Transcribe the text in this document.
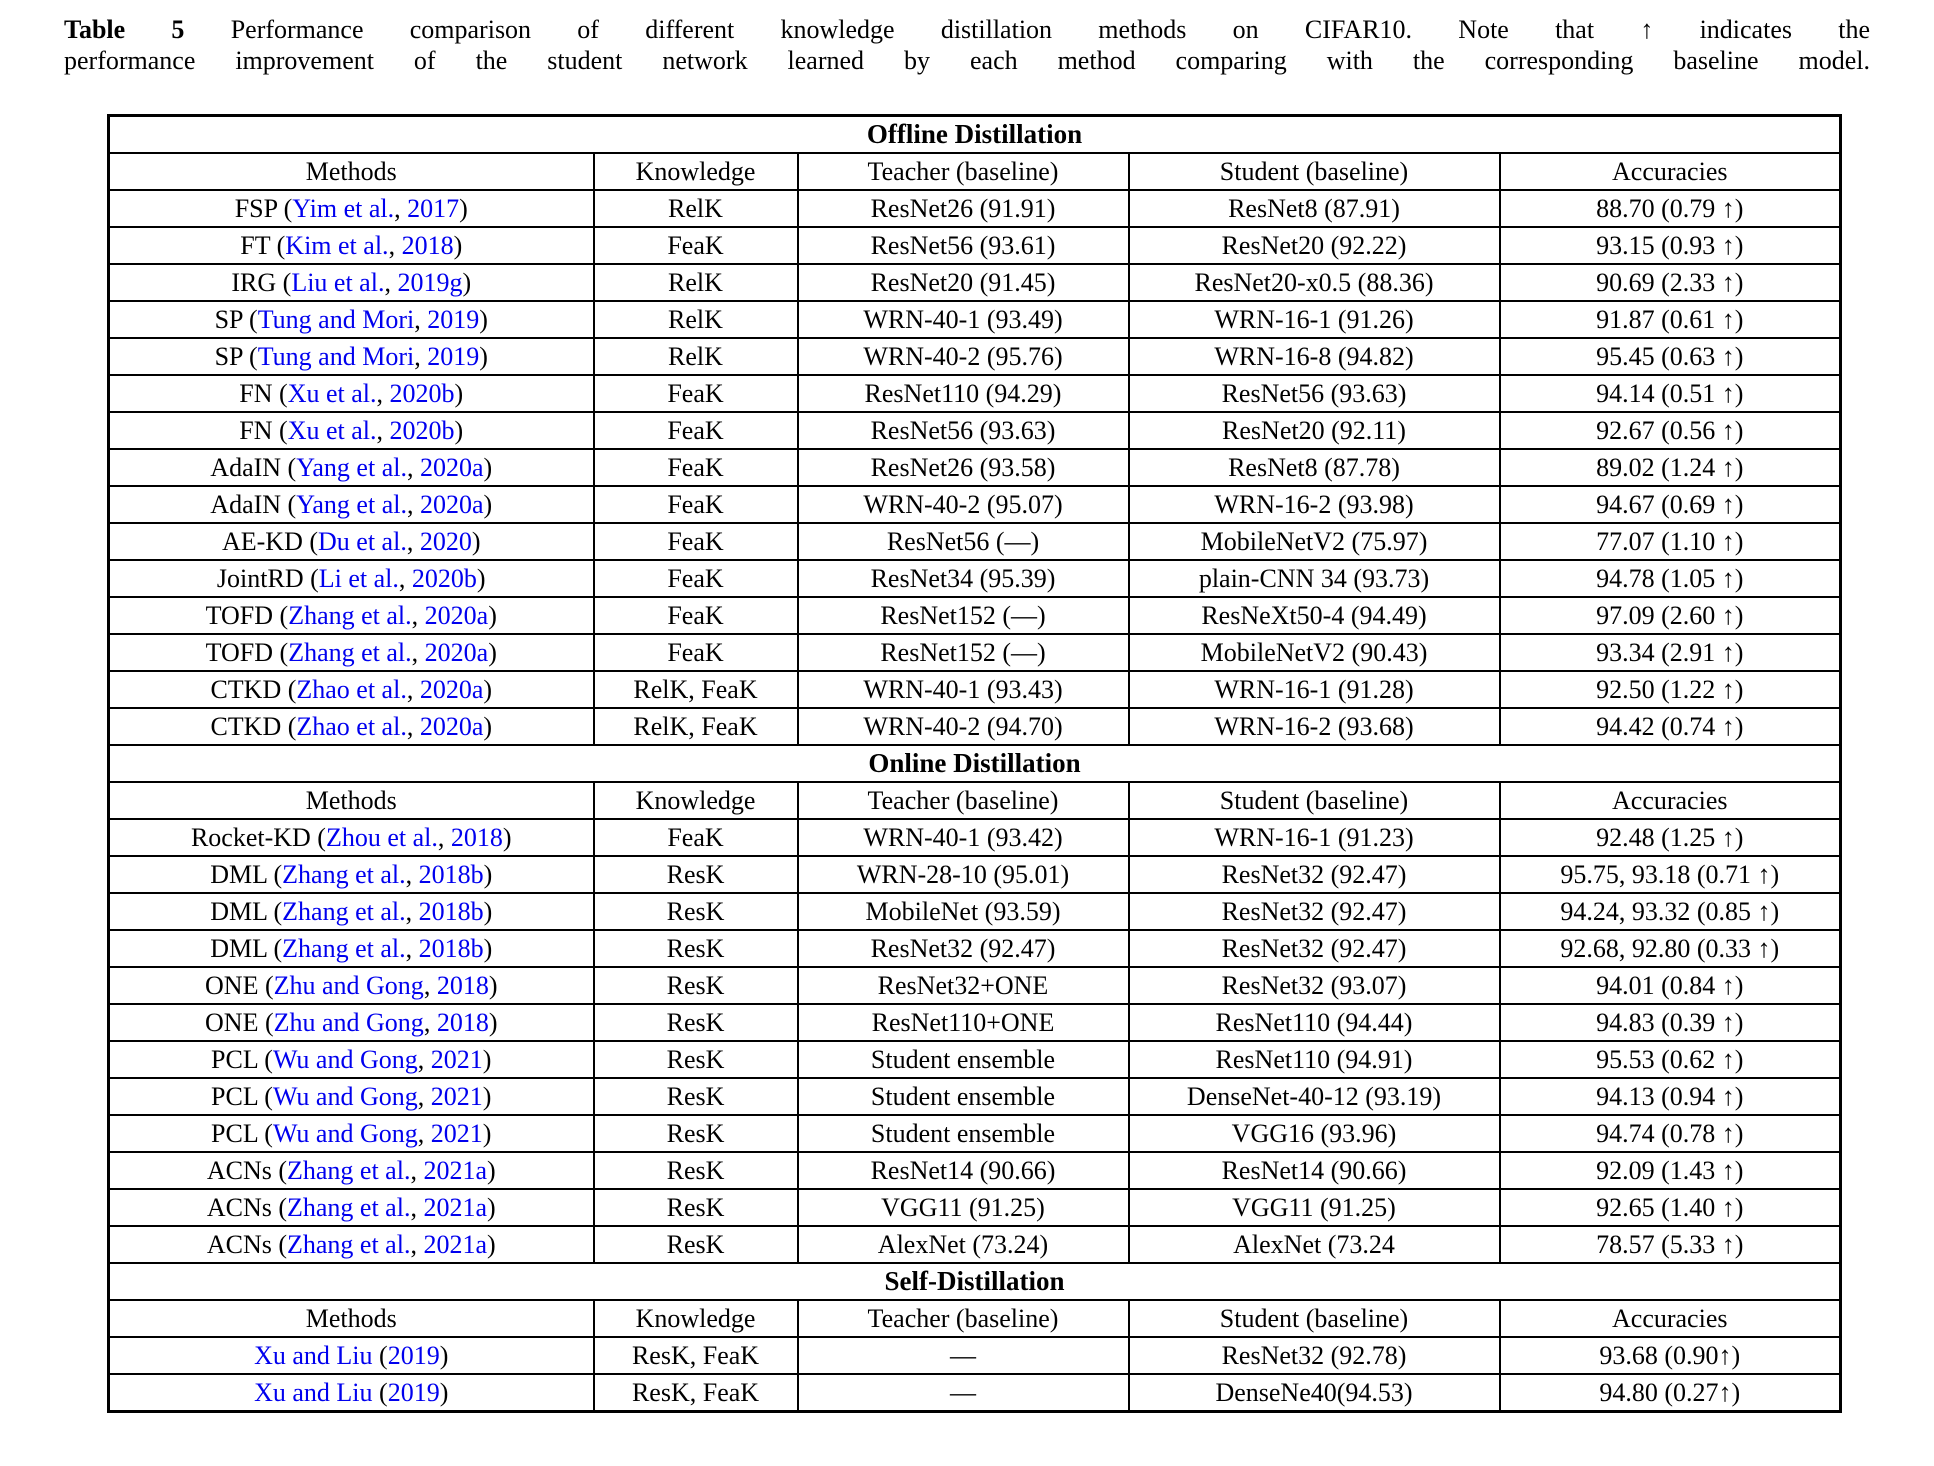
Table 5 Performance comparison of different knowledge distillation methods on CIFAR10. Note that ↑ indicates the
performance improvement of the student network learned by each method comparing with the corresponding baseline model.
Offline Distillation				
Methods	Knowledge	Teacher (baseline)	Student (baseline)	Accuracies
FSP (Yim et al., 2017)	RelK	ResNet26 (91.91)	ResNet8 (87.91)	88.70 (0.79 ↑)
FT (Kim et al., 2018)	FeaK	ResNet56 (93.61)	ResNet20 (92.22)	93.15 (0.93 ↑)
IRG (Liu et al., 2019g)	RelK	ResNet20 (91.45)	ResNet20-x0.5 (88.36)	90.69 (2.33 ↑)
SP (Tung and Mori, 2019)	RelK	WRN-40-1 (93.49)	WRN-16-1 (91.26)	91.87 (0.61 ↑)
SP (Tung and Mori, 2019)	RelK	WRN-40-2 (95.76)	WRN-16-8 (94.82)	95.45 (0.63 ↑)
FN (Xu et al., 2020b)	FeaK	ResNet110 (94.29)	ResNet56 (93.63)	94.14 (0.51 ↑)
FN (Xu et al., 2020b)	FeaK	ResNet56 (93.63)	ResNet20 (92.11)	92.67 (0.56 ↑)
AdaIN (Yang et al., 2020a)	FeaK	ResNet26 (93.58)	ResNet8 (87.78)	89.02 (1.24 ↑)
AdaIN (Yang et al., 2020a)	FeaK	WRN-40-2 (95.07)	WRN-16-2 (93.98)	94.67 (0.69 ↑)
AE-KD (Du et al., 2020)	FeaK	ResNet56 (—)	MobileNetV2 (75.97)	77.07 (1.10 ↑)
JointRD (Li et al., 2020b)	FeaK	ResNet34 (95.39)	plain-CNN 34 (93.73)	94.78 (1.05 ↑)
TOFD (Zhang et al., 2020a)	FeaK	ResNet152 (—)	ResNeXt50-4 (94.49)	97.09 (2.60 ↑)
TOFD (Zhang et al., 2020a)	FeaK	ResNet152 (—)	MobileNetV2 (90.43)	93.34 (2.91 ↑)
CTKD (Zhao et al., 2020a)	RelK, FeaK	WRN-40-1 (93.43)	WRN-16-1 (91.28)	92.50 (1.22 ↑)
CTKD (Zhao et al., 2020a)	RelK, FeaK	WRN-40-2 (94.70)	WRN-16-2 (93.68)	94.42 (0.74 ↑)
Online Distillation				
Methods	Knowledge	Teacher (baseline)	Student (baseline)	Accuracies
Rocket-KD (Zhou et al., 2018)	FeaK	WRN-40-1 (93.42)	WRN-16-1 (91.23)	92.48 (1.25 ↑)
DML (Zhang et al., 2018b)	ResK	WRN-28-10 (95.01)	ResNet32 (92.47)	95.75, 93.18 (0.71 ↑)
DML (Zhang et al., 2018b)	ResK	MobileNet (93.59)	ResNet32 (92.47)	94.24, 93.32 (0.85 ↑)
DML (Zhang et al., 2018b)	ResK	ResNet32 (92.47)	ResNet32 (92.47)	92.68, 92.80 (0.33 ↑)
ONE (Zhu and Gong, 2018)	ResK	ResNet32+ONE	ResNet32 (93.07)	94.01 (0.84 ↑)
ONE (Zhu and Gong, 2018)	ResK	ResNet110+ONE	ResNet110 (94.44)	94.83 (0.39 ↑)
PCL (Wu and Gong, 2021)	ResK	Student ensemble	ResNet110 (94.91)	95.53 (0.62 ↑)
PCL (Wu and Gong, 2021)	ResK	Student ensemble	DenseNet-40-12 (93.19)	94.13 (0.94 ↑)
PCL (Wu and Gong, 2021)	ResK	Student ensemble	VGG16 (93.96)	94.74 (0.78 ↑)
ACNs (Zhang et al., 2021a)	ResK	ResNet14 (90.66)	ResNet14 (90.66)	92.09 (1.43 ↑)
ACNs (Zhang et al., 2021a)	ResK	VGG11 (91.25)	VGG11 (91.25)	92.65 (1.40 ↑)
ACNs (Zhang et al., 2021a)	ResK	AlexNet (73.24)	AlexNet (73.24	78.57 (5.33 ↑)
Self-Distillation				
Methods	Knowledge	Teacher (baseline)	Student (baseline)	Accuracies
Xu and Liu (2019)	ResK, FeaK	—	ResNet32 (92.78)	93.68 (0.90↑)
Xu and Liu (2019)	ResK, FeaK	—	DenseNe40(94.53)	94.80 (0.27↑)
